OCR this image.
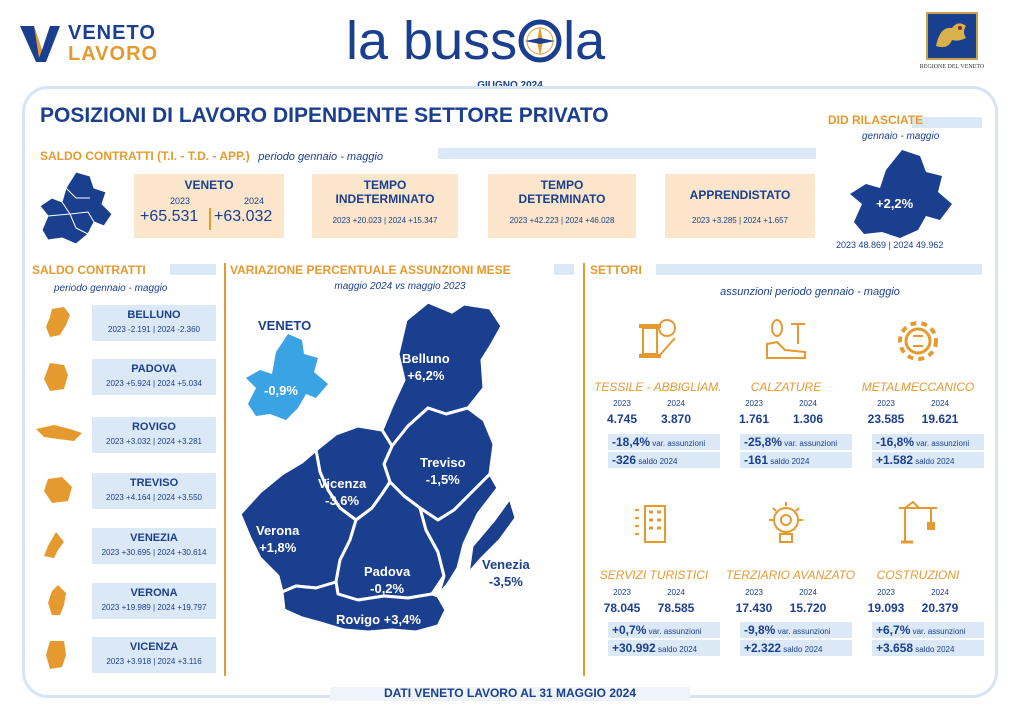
VENETO
LAVORO	la buss la
GIUGNO 2024
REGIONE DEL VENETO
POSIZIONI DI LAVORO DIPENDENTE SETTORE PRIVATO
SALDO CONTRATTI (T.I. - T.D. - APP.) periodo gennaio - maggio
VENETO
2023	2024
+65.531 +63.032
TEMPO
INDETERMINATO
2023 +20.023 | 2024 +15.347
TEMPO
DETERMINATO
2023 +42.223 | 2024 +46.028
APPRENDISTATO
2023 +3.285 | 2024 +1.657
DID RILASCIATE
gennaio - maggio
+2,2%
2023 48.869 | 2024 49.962
SALDO CONTRATTI
periodo gennaio - maggio
BELLUNO
2023 -2.191 | 2024 -2.360
PADOVA
2023 +5.924 | 2024 +5.034
ROVIGO
2023 +3.032 | 2024 +3.281
TREVISO
2023 +4.164 | 2024 +3.550
VENEZIA
2023 +30.695 | 2024 +30.614
VERONA
2023 +19.989 | 2024 +19.797
VICENZA
2023 +3.918 | 2024 +3.116
VARIAZIONE PERCENTUALE ASSUNZIONI MESE
maggio 2024 vs maggio 2023
VENETO
-0,9%
Belluno
+6,2%
Treviso
-1,5%
Vicenza
-3,6%
Verona
+1,8%
Padova
-0,2%
Venezia
-3,5%
Rovigo +3,4%
SETTORI
assunzioni periodo gennaio - maggio
TESSILE - ABBIGLIAM.
2023	2024
4.745	3.870
-18,4% var. assunzioni
-326 saldo 2024
CALZATURE
2023	2024
1.761	1.306
-25,8% var. assunzioni
-161 saldo 2024
METALMECCANICO
2023	2024
23.585	19.621
-16,8% var. assunzioni
+1.582 saldo 2024
SERVIZI TURISTICI
2023	2024
78.045	78.585
+0,7% var. assunzioni
+30.992 saldo 2024
TERZIARIO AVANZATO
2023	2024
17.430	15.720
-9,8% var. assunzioni
+2.322 saldo 2024
COSTRUZIONI
2023	2024
19.093	20.379
+6,7% var. assunzioni
+3.658 saldo 2024
DATI VENETO LAVORO AL 31 MAGGIO 2024
